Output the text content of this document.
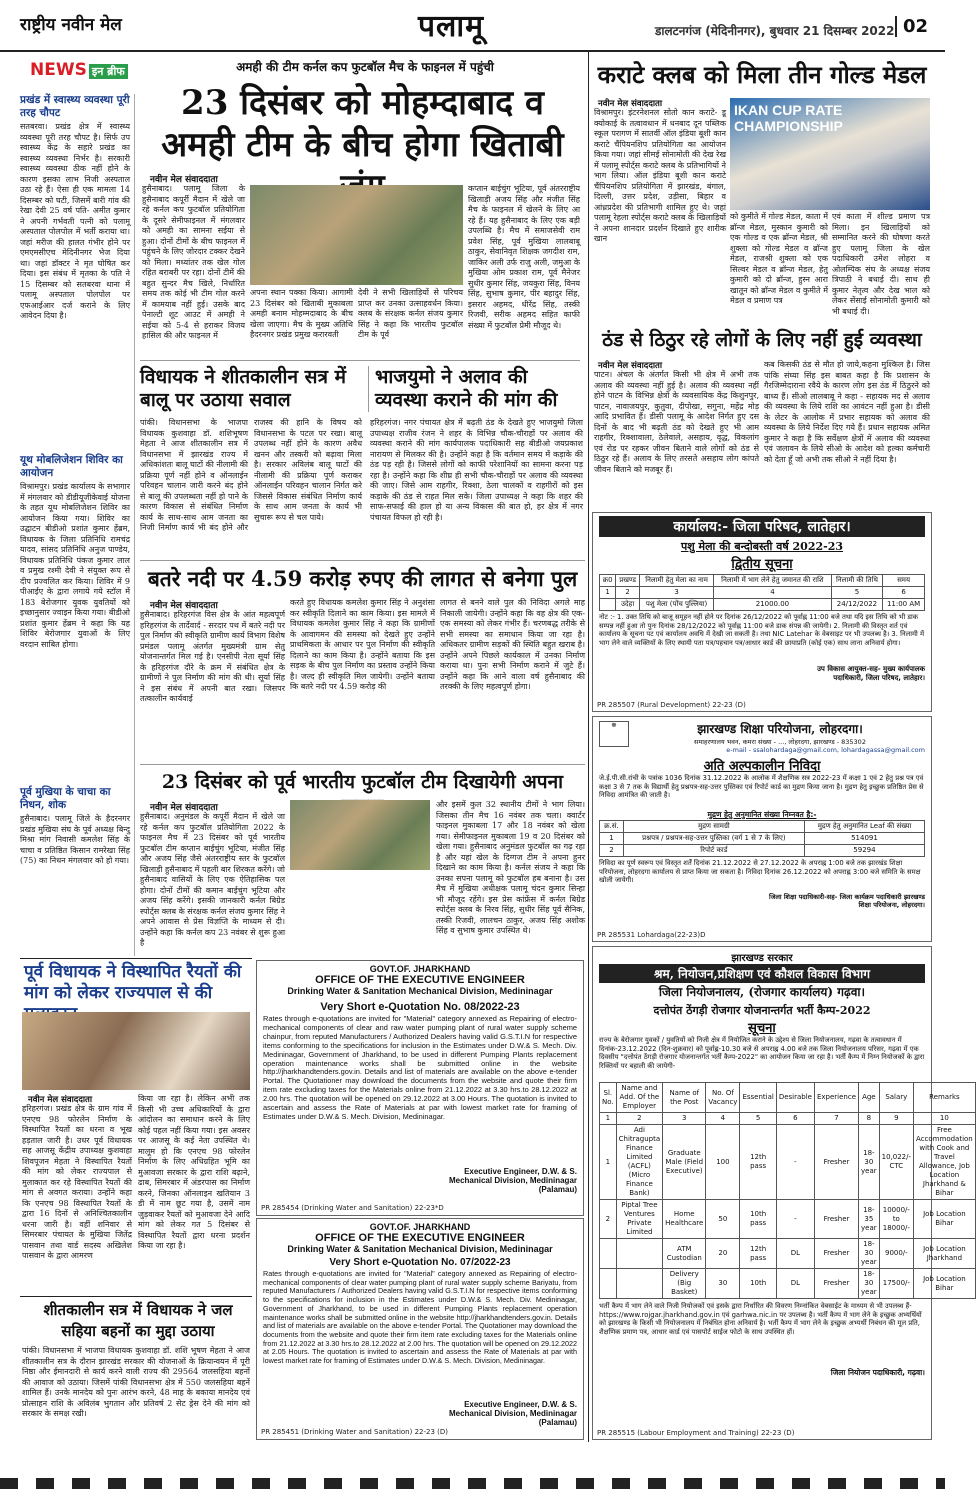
राष्ट्रीय नवीन मेल	पलामू	डालटनगंज (मेदिनीनगर), बुधवार 21 दिसम्बर 2022 02
NEWS इन ब्रीफ
प्रखंड में स्वास्थ्य व्यवस्था पूरी तरह चौपट
सतबरवा। प्रखंड क्षेत्र में स्वास्थ्य व्यवस्था पूरी तरह चौपट है। सिर्फ उप स्वास्थ्य केंद्र के सहारे प्रखंड का स्वास्थ्य व्यवस्था निर्भर है। सरकारी स्वास्थ्य व्यवस्था ठीक नहीं होने के कारण इसका लाभ निजी अस्पताल उठा रहे हैं। ऐसा ही एक मामला 14 दिसम्बर को घटी, जिसमें बारी गांव की रेखा देवी 25 वर्ष पति- अमीत कुमार ने अपनी गर्भवती पत्नी को पलामू अस्पताल पोलपोल में भर्ती कराया था। जहां मरीज की हालत गंभीर होने पर एमएमसीएच मेदिनीनगर भेज दिया था। जहां डॉक्टर ने मृत घोषित कर दिया। इस संबंध में मृतका के पति ने 15 दिसम्बर को सतबरवा थाना में पलामू अस्पताल पोलपोल पर एफआईआर दर्ज कराने के लिए आवेदन दिया है।
यूथ मोबलिजेशन शिविर का आयोजन
विश्रामपुर। प्रखंड कार्यालय के सभागार में मंगलवार को डीडीयूजीकेवाई योजना के तहत यूथ मोबलिजेशन शिविर का आयोजन किया गया। शिविर का उद्घाटन बीडीओ प्रशांत कुमार हेंब्रम, विधायक के जिला प्रतिनिधि रामचंद्र यादव, सांसद प्रतिनिधि अनुज पाण्डेय, विधायक प्रतिनिधि पंकज कुमार लाल व प्रमुख रश्मी देवी ने संयुक्त रूप से दीप प्रज्वलित कर किया। शिविर में 9 पीआईए के द्वारा लगाये गये स्टॉल में 183 बेरोजगार युवक युवतियों को इच्छानुसार ज्वाइन किया गया। बीडीओ प्रशांत कुमार हेंब्रम ने कहा कि यह शिविर बेरोजगार युवाओं के लिए वरदान साबित होगा।
पूर्व मुखिया के चाचा का निधन, शोक
हुसैनाबाद। पलामू जिले के हैदरनगर प्रखंड मुखिया संघ के पूर्व अध्यक्ष बिन्दु मिश्रा मांग निवासी कमलेश सिंह के चाचा व प्रतिष्ठित किसान रामरेखा सिंह (75) का निधन मंगलवार को हो गया।
अमही की टीम कर्नल कप फुटबॉल मैच के फाइनल में पहुंची
23 दिसंबर को मोहम्दाबाद व अमही टीम के बीच होगा खिताबी
नवीन मेल संवाददाता
हुसैनाबाद। पलामू जिला के हुसैनाबाद कपूर्री मैदान में खेले जा रहे कर्नल कप फुटबॉल प्रतियोगिता के दूसरे सेमीफाइनल में मंगलवार को अमही का सामना सईया से हुआ। दोनों टीमों के बीच फाइनल में पहुंचने के लिए जोरदार टक्कर देखने को मिला। मध्यांतर तक खेल गोल रहित बराबरी पर रहा। दोनों टीमें की बहुत सुन्दर मैच खिले, निर्धारित समय तक कोई भी टीम गोल करने में कामयाब नहीं हुई। उसके बाद पेनाल्टी शूट आउट में अमही ने सईया को 5-4 से हराकर विजय हासिल की और फाइनल में
अपना स्थान पक्का किया। आगामी 23 दिसंबर को खिताबी मुकाबला अमही बनाम मोहम्मदाबाद के बीच खेला जाएगा। मैच के मुख्य अतिथि हैदरनगर प्रखंड प्रमुख करारवती
देवी ने सभी खिलाड़ियों से परिचय प्राप्त कर उनका उत्साहवर्धन किया। क्लब के संरक्षक कर्नल संजय कुमार सिंह ने कहा कि भारतीय फुटबॉल टीम के पूर्व
कप्तान बाईचुंग भूटिया, पूर्व अंतरराष्ट्रीय खिलाड़ी अजय सिंह और मंजीत सिंह मैच के फाइनल में खेलने के लिए आ रहे हैं। यह हुसैनाबाद के लिए एक बड़ी उपलब्धि है। मैच में समाजसेवी राम प्रवेश सिंह, पूर्व मुखिया लालबाबू ठाकुर, सेवानिवृत शिक्षक जगदीश राम, जाकिर अली उर्फ राजु अली, जमुआ के मुखिया ओम प्रकाश राम, पूर्व मैनेजर सुधीर कुमार सिंह, जयकुरा सिंह, विनय सिंह, सुभाष कुमार, पीर बहादुर सिंह, इसरार अहमद, धीरेंद्र सिंह, तस्की रिजवी, सरीक अहमद सहित काफी संख्या में फुटबॉल प्रेमी मौजूद थे।
विधायक ने शीतकालीन सत्र में बालू पर उठाया सवाल
पांकी। विधानसभा के भाजपा विधायक कुशवाहा डॉ. शशिभूषण मेहता ने आज शीतकालीन सत्र में विधानसभा में झारखंड राज्य में अधिकांशतः बालू घाटों की नीलामी की प्रक्रिया पूर्ण नहीं होने व ऑनलाईन परिवहन चालान जारी करने बंद होने से बालू की उपलब्धता नहीं हो पाने के कारण विकास से संबंधित निर्माण कार्य के साथ-साथ आम जनता का निजी निर्माण कार्य भी बंद होने और राजस्व की हानि के विषय को विधानसभा के पटल पर रखा। बालू उपलब्ध नहीं होने के कारण अवैध खनन और तस्करी को बढ़ावा मिला है। सरकार अविलंब बालू घाटों की नीलामी की प्रक्रिया पूर्ण कराकर ऑनलाईन परिवहन चालान निर्गत करे जिससे विकास संबंधित निर्माण कार्य के साथ आम जनता के कार्य भी सुचारू रूप से चल पाये।
भाजयुमो ने अलाव की व्यवस्था कराने की मांग की
हरिहरगंज। नगर पंचायत क्षेत्र में बढ़ती ठंड के देखते हुए भाजयुमो जिला उपाध्यक्ष राजीव रंजन ने शहर के विभिन्न चौक-चौराहों पर अलाव की व्यवस्था कराने की मांग कार्यपालक पदाधिकारी सह बीडीओ जयप्रकाश नारायण से मिलकर की है। उन्होंने कहा है कि वर्तमान समय में कड़ाके की ठंड पड़ रही है। जिससे लोगों को काफी परेशानियों का सामना करना पड़ रहा है। उन्होंने कहा कि शीघ्र ही सभी चौक-चौराहों पर अलाव की व्यवस्था की जाए। जिसे आम राहगीर, रिक्शा, ठेला चालकों व राहगीरों को इस कड़ाके की ठंड से राहत मिल सके। जिला उपाध्यक्ष ने कहा कि शहर की साफ-सफाई की हाल हो या अन्य विकास की बात हो, हर क्षेत्र में नगर पंचायत विफल हो रही है।
बतरे नदी पर 4.59 करोड़ रुपए की लागत से बनेगा पुल
नवीन मेल संवाददाता
हुसैनाबाद। हरिहरगंज विस क्षेत्र के आंत महत्वपूर्ण हरिहरगंज के तार्देवार्द - सरदार पथ में बतरे नदी पर पुल निर्माण की स्वीकृति ग्रामीण कार्य विभाग विशेष प्रमंडल पलामू अंतर्गत मुख्यमंत्री ग्राम सेतु योजनान्तर्गत मिल गई है। एनसीपी नेता सूर्या सिंह के हरिहरगंज दौरे के क्रम में संबंधित क्षेत्र के ग्रामीणों ने पुल निर्माण की मांग की थी। सूर्या सिंह ने इस संबंध में अपनी बात रखा। जिसपर तत्कालीन कार्यवाई
करते हुए विधायक कमलेश कुमार सिंह ने अनुशंसा कर स्वीकृति दिलाने का काम किया। इस मामले में विधायक कमलेश कुमार सिंह ने कहा कि ग्रामीणों के आवागमन की समस्या को देखते हुए उन्होंने प्राथमिकता के आधार पर पुल निर्माण की स्वीकृति दिलाने का काम किया है। उन्होंने बताया कि इस सड़क के बीच पुल निर्माण का प्रस्ताव उन्होंने किया है। जल्द ही स्वीकृति मिल जायेगी। उन्होंने बताया कि बतरे नदी पर 4.59 करोड़ की
लागत से बनने वाले पुल की निविदा अगले माह निकाली जायेगी। उन्होंने कहा कि वह क्षेत्र की एक-एक समस्या को लेकर गंभीर हैं। चरणबद्ध तरीके से सभी समस्या का समाधान किया जा रहा है। अधिकतर ग्रामीण सड़कों की स्थिति बहुत खराब है। उन्होंने अपने पिछले कार्यकाल में उनका निर्माण कराया था। पुनः सभी निर्माण कराने में जुटे हैं। उन्होंने कहा कि आने वाला वर्ष हुसैनाबाद की तरक्की के लिए महत्वपूर्ण होगा।
23 दिसंबर को पूर्व भारतीय फुटबॉल टीम दिखायेगी अपना
नवीन मेल संवाददाता
हुसैनाबाद। अनुमंडल के कपूर्री मैदान में खेले जा रहे कर्नल कप फुटबॉल प्रतियोगिता 2022 के फाइनल मैच में 23 दिसंबर को पूर्व भारतीय फुटबॉल टीम कप्तान बाईचुंग भूटिया, मंजीत सिंह और अजय सिंह जैसे अंतरराष्ट्रीय स्तर के फुटबॉल खिलाड़ी हुसैनाबाद में पहली बार शिरकत करेंगे। जो हुसैनाबाद वासियों के लिए एक ऐतिहासिक पल होगा। दोनों टीमों की कमान बाईचुंग भूटिया और अजय सिंह करेंगे। इसकी जानकारी कर्नल बिग्रेड स्पोर्ट्स क्लब के संरक्षक कर्नल संजय कुमार सिंह ने अपने आवास से प्रेस विज्ञप्ति के माध्यम से दी। उन्होंने कहा कि कर्नल कप 23 नवंबर से शुरू हुआ है
और इसमें कुल 32 स्थानीय टीमों ने भाग लिया। जिसका तीन मैच 16 नवंबर तक चला। क्वार्टर फाइनल मुकाबला 17 और 18 नवंबर को खेला गया। सेमीफाइनल मुकाबला 19 व 20 दिसंबर को खेला गया। हुसैनाबाद अनुमंडल फुटबॉल का गढ़ रहा है और यहां खेल के दिग्गज टीम ने अपना हुनर दिखाने का काम किया है। कर्नल संजय ने कहा कि उनका सपना पलामू को फुटबॉल हब बनाना है। उस मैच में मुखिया अधीक्षक पलामू चंदन कुमार सिन्हा भी मौजूद रहेंगे। इस प्रेस कांफ्रेंस में कर्नल बिग्रेड स्पोर्ट्स क्लब के निरव सिंह, सुधीर सिंह पूर्व सैनिक, तस्की रिजवी, लालचन ठाकुर, अजय सिंह अशोक सिंह व सुभाष कुमार उपस्थित थे।
पूर्व विधायक ने विस्थापित रैयतों की मांग को लेकर राज्यपाल से की
नवीन मेल संवाददाता
हरिहरगंज। प्रखंड क्षेत्र के ग्राम गांव में एनएच 98 फोरलेन निर्माण के विस्थापित रैयतों का धरना व भूख हड़ताल जारी है। उधर पूर्व विधायक सह आजसू केंद्रीय उपाध्यक्ष कुशवाहा शिवपूजन मेहता ने विस्थापित रैयतों की मांग को लेकर राज्यपाल से मुलाकात कर रहे विस्थापित रैयतों की मांग से अवगत कराया। उन्होंने कहा कि एनएच 98 विस्थापित रैयतों के द्वारा 16 दिनों से अनिश्चितकालीन धरना जारी है। वहीं शनिवार से सिमरबार पंचायत के मुखिया जितेंद्र पासवान तथा वार्ड सदस्य अखिलेश पासवान के द्वारा आमरण
किया जा रहा है। लेकिन अभी तक किसी भी उच्च अधिकारियों के द्वारा आंदोलन का समाधान करने के लिए कोई पहल नहीं किया गया। इस अवसर पर आजसू के कई नेता उपस्थित थे। मालूम हो कि एनएच 98 फोरलेन निर्माण के लिए अधिग्रहित भूमि का मुआवजा सरकार के द्वारा राशि बढ़ाने, ढाब, सिमरबार में अंडरपास का निर्माण करने, जिनका ऑनलाइन खतियान 3 डी में नाम छूट गया है, उसमें नाम जुड़वाकर रैयतों को मुआवजा देने आदि मांग को लेकर गत 5 दिसंबर से विस्थापित रैयतों द्वारा धरना प्रदर्शन किया जा रहा है।
शीतकालीन सत्र में विधायक ने जल सहिया बहनों का मुद्दा उठाया
पांकी। विधानसभा में भाजपा विधायक कुशवाहा डॉ. शशि भूषण मेहता ने आज शीतकालीन सत्र के दौरान झारखंड सरकार की योजनाओं के क्रियान्वयन में पूरी निष्ठा और ईमानदारी से कार्य करने वाली राज्य की 29564 जलसहिया बहनों की आवाज को उठाया। जिसमें पांकी विधानसभा क्षेत्र में 550 जलसहिया बहनें शामिल हैं। उनके मानदेय को पुनः आरंभ करने, 48 माह के बकाया मानदेय एवं प्रोत्साहन राशि के अविलंब भुगतान और प्रतिवर्ष 2 सेट ड्रेस देने की मांग को सरकार के समक्ष रखी।
GOVT.OF. JHARKHAND
OFFICE OF THE EXECUTIVE ENGINEER
Drinking Water & Sanitation Mechanical Division, Medininagar
Very Short e-Quotation No. 08/2022-23
Rates through e-quotations are invited for "Material" category annexed as Repairing of electro-mechanical components of clear and raw water pumping plant of rural water supply scheme chainpur, from reputed Manufacturers / Authorized Dealers having valid G.S.T.I.N for respective items conforming to the specifications for inclusion in the Estimates under D.W.& S. Mech. Div. Medininagar, Government of Jharkhand, to be used in different Pumping Plants replacement operation maintenance works shall be submitted online in the website http://jharkhandtenders.gov.in. Details and list of materials are available on the above e-tender Portal. The Quotationer may download the documents from the website and quote their firm item rate excluding taxes for the Materials online from 21.12.2022 at 3.30 hrs.to 28.12.2022 at 2.00 hrs. The quotation will be opened on 29.12.2022 at 3.00 Hours. The quotation is invited to ascertain and assess the Rate of Materials at par with lowest market rate for framing of Estimates under D.W.& S. Mech. Division, Medininagar.
Executive Engineer, D.W. & S. Mechanical Division, Medininagar (Palamau)
PR 285454 (Drinking Water and Sanitation) 22-23*D
GOVT.OF. JHARKHAND
OFFICE OF THE EXECUTIVE ENGINEER
Drinking Water & Sanitation Mechanical Division, Medininagar
Very Short e-Quotation No. 07/2022-23
Rates through e-quotations are invited for "Material" category annexed as Repairing of electro-mechanical components of clear water pumping plant of rural water supply scheme Bariyatu, from reputed Manufacturers / Authorized Dealers having valid G.S.T.I.N for respective items conforming to the specifications for inclusion in the Estimates under D.W.& S. Mech. Div. Medininagar, Government of Jharkhand, to be used in different Pumping Plants replacement operation maintenance works shall be submitted online in the website http://jharkhandtenders.gov.in. Details and list of materials are available on the above e-tender Portal. The Quotationer may download the documents from the website and quote their firm item rate excluding taxes for the Materials online from 21.12.2022 at 3.30 hrs.to 28.12.2022 at 2.00 hrs. The quotation will be opened on 29.12.2022 at 2.05 Hours. The quotation is invited to ascertain and assess the Rate of Materials at par with lowest market rate for framing of Estimates under D.W.& S. Mech. Division, Medininagar.
Executive Engineer, D.W. & S. Mechanical Division, Medininagar (Palamau)
PR 285451 (Drinking Water and Sanitation) 22-23 (D)
कराटे क्लब को मिला तीन गोल्ड मेडल
नवीन मेल संवाददाता
विश्रामपुर। इंटरनेशनल सोतो कान कराटे- डू क्योकाई के तत्वावधान में धनबाद दून पब्लिक स्कूल परागण में सातवीं ऑल इंडिया बूशी कान कराटे चैंपियनशिप प्रतियोगिता का आयोजन किया गया। जहां सीमई सोनामोती की देख रेख में पलामू स्पोर्ट्स कराटे क्लब के प्रतिभागियों ने भाग लिया। ऑल इंडिया बूशी कान कराटे चैंपियनशिप प्रतियोगिता में झारखंड, बंगाल, दिल्ली, उत्तर प्रदेश, उड़ीसा, बिहार व आंध्रप्रदेश की प्रतिभागी शामिल हुए थे। जहां पलामू रेहला स्पोर्ट्स कराटे क्लब के खिलाड़ियों ने अपना शानदार प्रदर्शन दिखाते हुए शारीक खान
IKAN CUP RATE CHAMPIONSHIP
को कुमीते में गोल्ड मेडल, काता में ब्रॉन्ज मेडल, मुस्कान कुमारी को एक गोल्ड व एक ब्रॉन्ज मेडल, श्री शुक्ला को गोल्ड मेडल व ब्रॉन्ज मेडल, राजश्री शुक्ला को एक सिल्वर मेडल व ब्रॉन्ज मेडल, हेतु कुमारी को दो ब्रॉन्ज, हुस्न आरा खातून को ब्रॉन्ज मेडल व कुमीते में मेडल व प्रमाण पत्र
एवं काता में शील्ड प्रमाण पत्र मिला। इन खिलाड़ियों को सम्मानित करने की घोषणा करते हुए पलामू जिला के खेल पदाधिकारी उमेश लोहरा व ओलम्पिक संघ के अध्यक्ष संजय त्रिपाठी ने बधाई दी। साथ ही कुमार नेतृत्व और देख भाल को लेकर सेंसाई सोनामोती कुमारी को भी बधाई दी।
ठंड से ठिठुर रहे लोगों के लिए नहीं हुई व्यवस्था
नवीन मेल संवाददाता
पाटन। अंचल के अंतर्गत किसी भी क्षेत्र में अभी तक अलाव की व्यवस्था नहीं हुई है। अलाव की व्यवस्था नहीं होने पाटन के विभिन्न क्षेत्रों के व्यवसायिक केंद्र किशुनपुर, पाटन, नावाजयपुर, कुतुवा, दीपोखा, सगुना, महेंद्र मोड़ आदि प्रभावित हैं। डीसी पलामू के आदेश निर्गत हुए दस दिनों के बाद भी बढ़ती ठंड को देखते हुए भी आम राहगीर, रिक्शावाला, ठेलेवाले, असहाय, वृद्ध, विकलांग एवं रोड पर रहकर जीवन बिताने वाले लोगों को ठंड से ठिठुर रहे हैं। अलाव के लिए तरसते असहाय लोग कांपते जीवन बिताने को मजबूर हैं।
कब किसकी ठंड से मौत हो जाये,कहना मुश्किल है। जिस पांकि संघ्या सिंह इस बाबत कहा है कि प्रशासन के गैरजिम्मेदाराना रवैये के कारण लोग इस ठंड में ठिठुरने को बाध्य हैं। सीओ लालबाबू ने कहा - सहायक मद से अलाव की व्यवस्था के लिये राशि का आवंटन नहीं हुआ है। डीसी के लेटर के आलोक में प्रभार सहायक को अलाव की व्यवस्था के लिये निर्देश दिए गये हैं। प्रधान सहायक अमित कुमार ने कहा है कि सर्वेक्षण क्षेत्रों में अलाव की व्यवस्था एवं जलावन के लिये सीओ के आदेश को हल्का कर्मचारी को देता हूँ जो अभी तक सीओ ने नहीं दिया है।
कार्यालय:- जिला परिषद, लातेहार।
पशु मेला की बन्दोबस्ती वर्ष 2022-23
द्वितीय सूचना
क्र0	प्रखण्ड	निलामी हेतु मेला का नाम	निलामी में भाग लेने हेतु जमानत की राशि	निलामी की तिथि	समय
1	2	3	4	5	6
	उदेहा	पशु मेला (पोंच पुल्लिया)	21000.00	24/12/2022	11:00 AM
नोट :- 1. उक्त तिथि को बाजू समूहन नहीं होने पर दिनांक 26/12/2022 को पूर्वाह्न 11:00 बजे तथा यदि इस तिथि को भी डाक सम्पन्न नहीं हुआ तो पुनः दिनांक 28/12/2022 को पूर्वाह्न 11:00 बजे डाक संपन्न की जायेगी। 2. निलामी की विस्तृत शर्त एवं कार्यालय के सूचना पट एवं कार्यालय अवधि में देखी जा सकती है। तथा NIC Latehar के वेबसाइट पर भी उपलब्ध है। 3. निलामी में भाग लेने वाले व्यक्तियों के लिए स्थायी पता पत्र/पहचान पत्र/आधार कार्ड की छायाप्रति (कोई एक) साथ लाना अनिवार्य होगा।
उप विकास आयुक्त-सह- मुख्य कार्यपालक पदाधिकारी, जिला परिषद, लातेहार।
PR 285507 (Rural Development) 22-23 (D)
☸	झारखण्ड शिक्षा परियोजना, लोहरदगा।
समाहरणालय भवन, कमरा संख्या - ..., लोहरदगा, झारखण्ड - 835302
e-mail - ssalohardaga@gmail.com, lohardagassa@gmail.com
अति अल्पकालीन निविदा
जे.ई.पी.सी.रांची के पत्रांक 1036 दिनांक 31.12.2022 के आलोक में शैक्षणिक सत्र 2022-23 में कक्षा 1 एवं 2 हेतु प्रश्न पत्र एवं कक्षा 3 से 7 तक के विद्यार्थी हेतु प्रश्नपत्र-सह-उत्तर पुस्तिका एवं रिपोर्ट कार्ड का मुद्रण किया जाना है। मुद्रण हेतु इच्छुक प्रतिष्ठित प्रेस से निविदा आमंत्रित की जाती है।
मुद्रण हेतु अनुमानित संख्या निम्नवत है:-
क्र.सं.	मुद्रण सामग्री	मुद्रण हेतु अनुमानित Leaf की संख्या
1	प्रश्नपत्र / प्रश्नपत्र-सह-उत्तर पुस्तिका (वर्ग 1 से 7 के लिए)	514091
2	रिपोर्ट कार्ड	59294
निविदा का पूर्ण स्वरूप एवं विस्तृत शर्तें दिनांक 21.12.2022 से 27.12.2022 के अपराह्न 1:00 बजे तक झारखंड शिक्षा परियोजना, लोहरदगा कार्यालय से प्राप्त किया जा सकता है। निविदा दिनांक 26.12.2022 को अपराह्न 3:00 बजे समिति के समक्ष खोली जायेगी।
जिला शिक्षा पदाधिकारी-सह- जिला कार्यक्रम पदाधिकारी झारखण्ड शिक्षा परियोजना, लोहरदगा।
PR 285531 Lohardaga(22-23)D
झारखण्ड सरकार
श्रम, नियोजन,प्रशिक्षण एवं कौशल विकास विभाग
जिला नियोजनालय, (रोजगार कार्यालय) गढ़वा।
दत्तोपंत ठेंगड़ी रोजगार योजनान्तर्गत भर्ती कैम्प-2022
सूचना
राज्य के बेरोजगार युवकों / युवतियों को निजी क्षेत्र में नियोजित कराने के उद्देश्य से जिला नियोजनालय, गढ़वा के तत्वावधान में दिनांक-23.12.2022 (दिन-शुक्रवार) को पूर्वाह्न-10.30 बजे से अपराह्न 4.00 बजे तक जिला नियोजनालय परिसर, गढ़वा में एक दिवसीय "दत्तोपंत ठेंगड़ी रोजगार योजनान्तर्गत भर्ती कैम्प-2022" का आयोजन किया जा रहा है। भर्ती कैम्प में निम्न नियोजकों के द्वारा रिक्तियों पर बहाली की जायेगी-
Sl. No.	Name and Add. Of the Employer	Name of the Post	No. Of Vacancy	Essential	Desirable	Experience	Age	Salary	Remarks
1	2	3	4	5	6	7	8	9	10
1	Adi Chitragupta Finance Limited (ACFL) (Micro Finance Bank)	Graduate Male (Field Executive)	100	12th pass	-	Fresher	18-30 year	10,022/- CTC	Free Accommodation with Cook and Travel Allowance, Job Location Jharkhand & Bihar
2	Piptal Tree Ventures Private Limited	Home Healthcare	50	10th pass	-	Fresher	18-35 year	10000/-to 18000/-	Job Location Bihar
		ATM Custodian	20	12th pass	DL	Fresher	18-30 year	9000/-	Job Location Jharkhand
		Delivery (Big Basket)	30	10th	DL	Fresher	18-30 year	17500/-	Job Location Bihar
भर्ती कैम्प में भाग लेने वाले निजी नियोजकों एवं इसके द्वारा निर्धारित की विवरण निम्नांकित वेबसाईट के माध्यम से भी उपलब्ध हैं- https://www.rojgar.jharkhand.gov.in एवं garhwa.nic.in पर उपलब्ध है। भर्ती कैम्प में भाग लेने के इच्छुक अभ्यर्थियों को झारखण्ड के किसी भी नियोजनालय में निबंधित होना अनिवार्य है। भर्ती कैम्प में भाग लेने के इच्छुक अभ्यर्थी निबंधन की मूल प्रति, शैक्षणिक प्रमाण पत्र, आधार कार्ड एवं पासपोर्ट साईज फोटो के साथ उपस्थित हों।
जिला नियोजन पदाधिकारी, गढ़वा।
PR 285515 (Labour Employment and Training) 22-23 (D)
